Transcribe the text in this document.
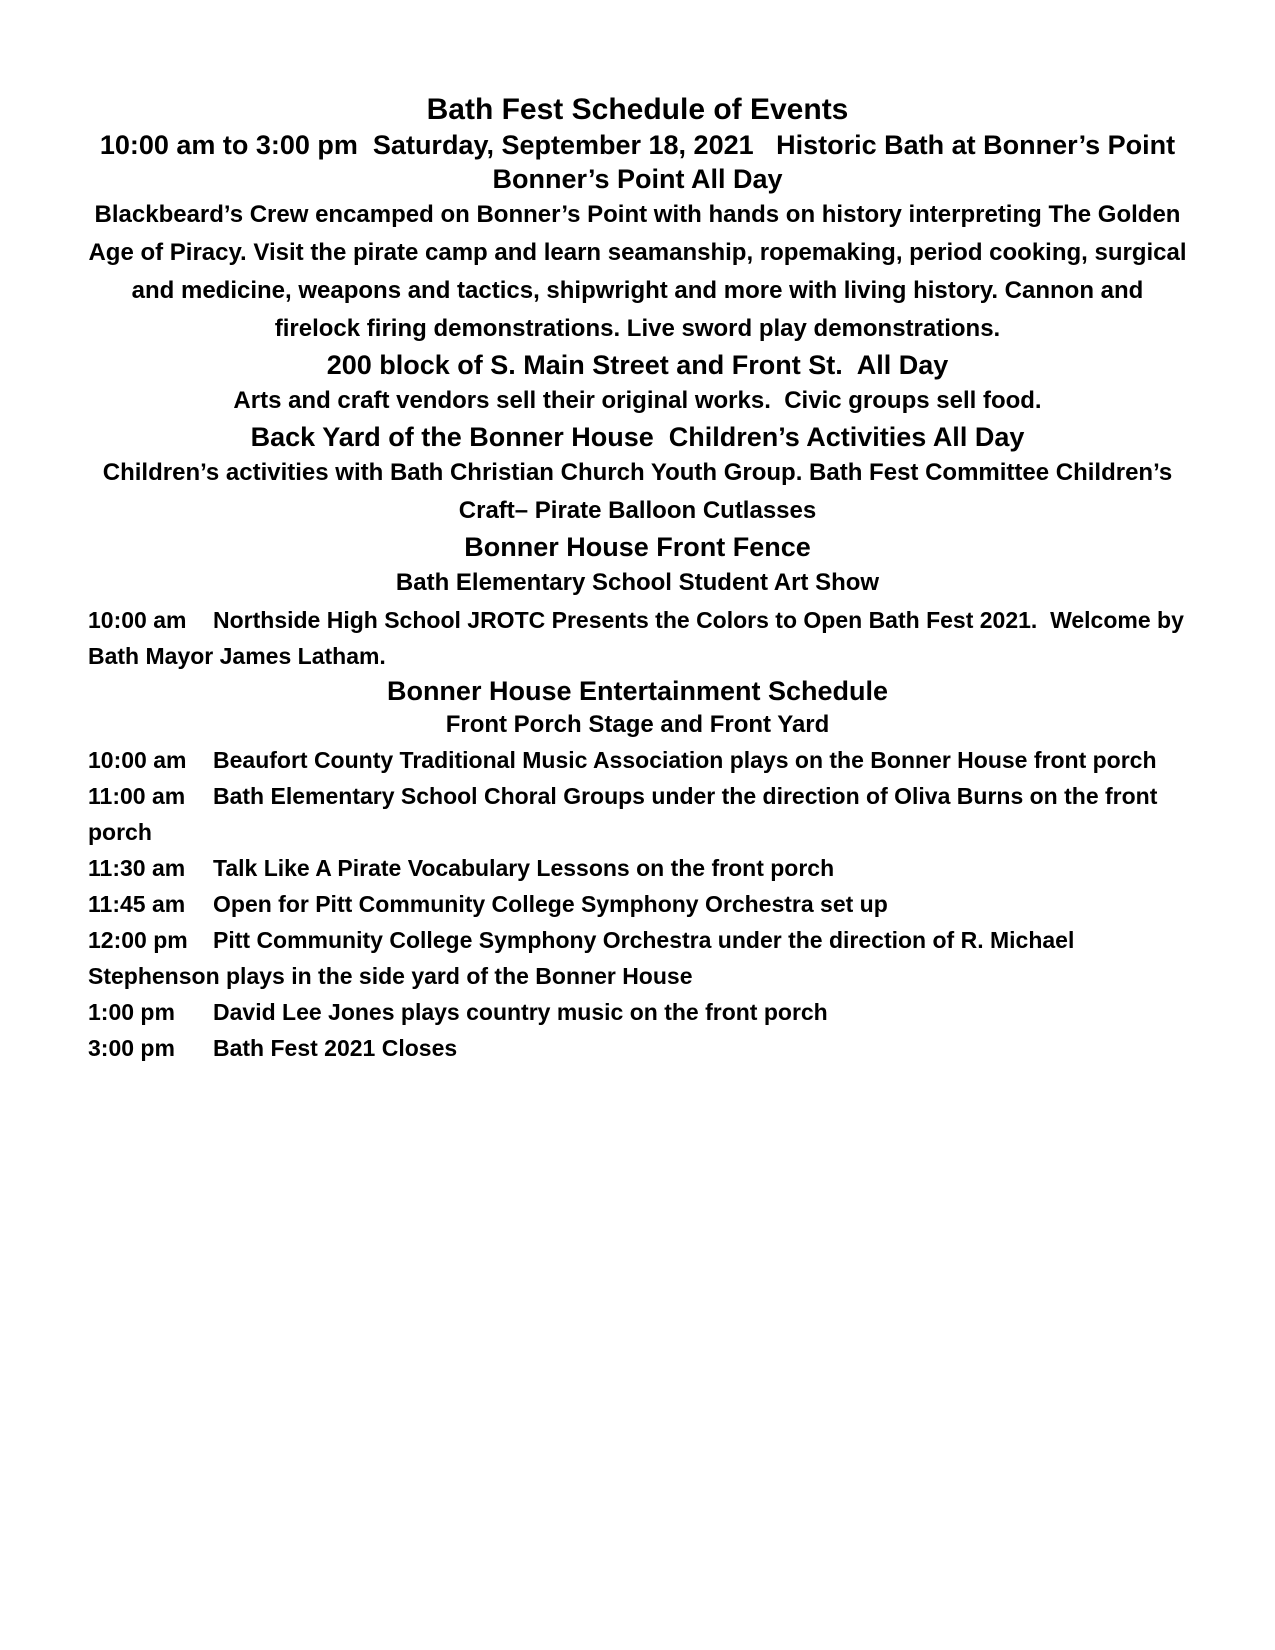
Bath Fest Schedule of Events

10:00 am to 3:00 pm  Saturday, September 18, 2021   Historic Bath at Bonner’s Point

Bonner’s Point All Day

Blackbeard’s Crew encamped on Bonner’s Point with hands on history interpreting The Golden Age of Piracy. Visit the pirate camp and learn seamanship, ropemaking, period cooking, surgical and medicine, weapons and tactics, shipwright and more with living history. Cannon and firelock firing demonstrations. Live sword play demonstrations.

200 block of S. Main Street and Front St.  All Day

Arts and craft vendors sell their original works.  Civic groups sell food.

Back Yard of the Bonner House  Children’s Activities All Day

Children’s activities with Bath Christian Church Youth Group. Bath Fest Committee Children’s Craft– Pirate Balloon Cutlasses

Bonner House Front Fence

Bath Elementary School Student Art Show

10:00 am Northside High School JROTC Presents the Colors to Open Bath Fest 2021.  Welcome by Bath Mayor James Latham.

Bonner House Entertainment Schedule

Front Porch Stage and Front Yard

10:00 am Beaufort County Traditional Music Association plays on the Bonner House front porch

11:00 am Bath Elementary School Choral Groups under the direction of Oliva Burns on the front porch

11:30 am Talk Like A Pirate Vocabulary Lessons on the front porch

11:45 am Open for Pitt Community College Symphony Orchestra set up

12:00 pm Pitt Community College Symphony Orchestra under the direction of R. Michael Stephenson plays in the side yard of the Bonner House

1:00 pm David Lee Jones plays country music on the front porch

3:00 pm Bath Fest 2021 Closes
